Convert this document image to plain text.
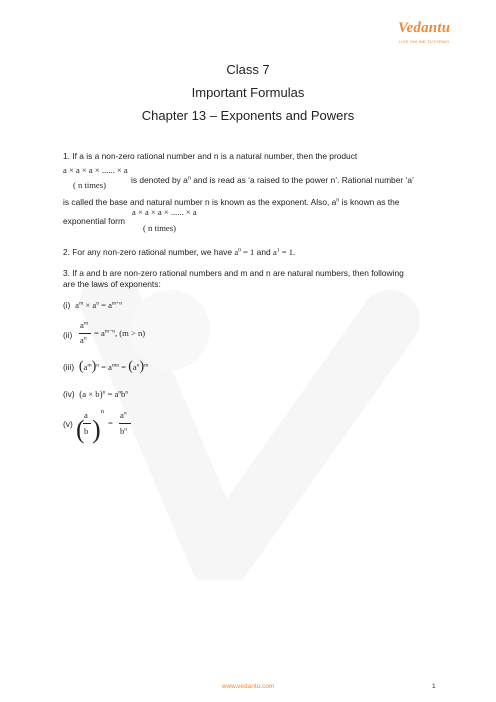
Vedantu
LIVE ONLINE TUTORING
Class 7
Important Formulas
Chapter 13 – Exponents and Powers
1. If a is a non-zero rational number and n is a natural number, then the product
a × a × a × ...... × a
( n times)	is denoted by $a^n$ and is read as ‘a raised to the power n’. Rational number ‘a’
is called the base and natural number n is known as the exponent. Also, $a^n$ is known as the
a × a × a × ...... × a
exponential form
( n times)
2. For any non-zero rational number, we have $a^0 = 1$ and $a^1 = 1$.
3. If a and b are non-zero rational numbers and m and n are natural numbers, then following
are the laws of exponents:
(i) $a^m \times a^n = a^{m+n}$
(ii)
$a^m$
$a^n$
= $a^{m-n}$, (m > n)
(iii) $(a^m)^n = a^{mn} = (a^n)^m$
(iv) $(a \times b)^n = a^nb^n$
(v) ( a
b )
n
=
$a^n$
$b^n$
www.vedantu.com	1
